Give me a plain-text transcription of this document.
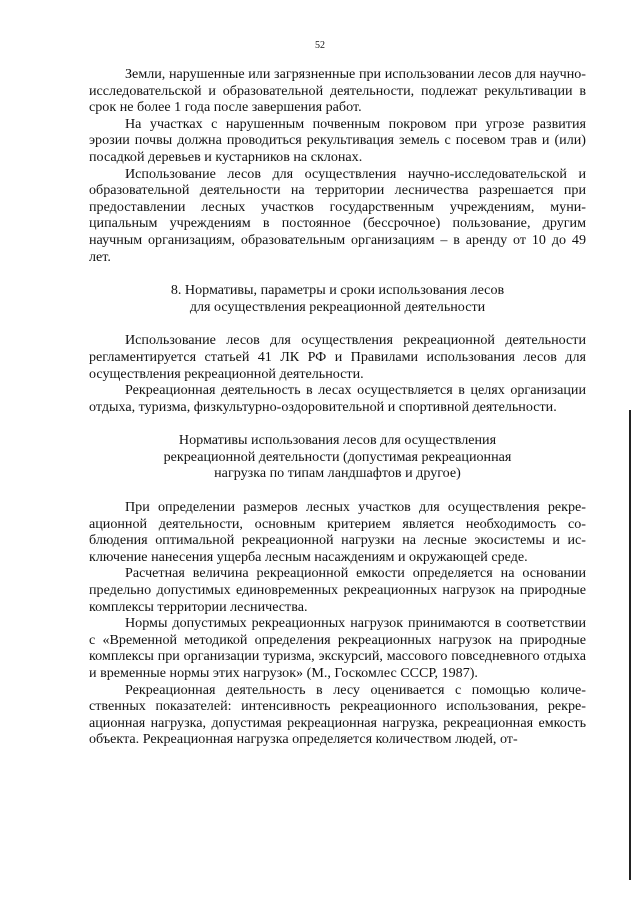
52

Земли, нарушенные или загрязненные при использовании лесов для научно-исследовательской и образовательной деятельности, подлежат рекультивации в срок не более 1 года после завершения работ.

На участках с нарушенным почвенным покровом при угрозе развития эрозии почвы должна проводиться рекультивация земель с посевом трав и (или) посадкой деревьев и кустарников на склонах.

Использование лесов для осуществления научно-исследовательской и образовательной деятельности на территории лесничества разрешается при предоставлении лесных участков государственным учреждениям, муниципальным учреждениям в постоянное (бессрочное) пользование, другим научным организациям, образовательным организациям – в аренду от 10 до 49 лет.

8. Нормативы, параметры и сроки использования лесов

для осуществления рекреационной деятельности

Использование лесов для осуществления рекреационной деятельности регламентируется статьей 41 ЛК РФ и Правилами использования лесов для осуществления рекреационной деятельности.

Рекреационная деятельность в лесах осуществляется в целях организации отдыха, туризма, физкультурно-оздоровительной и спортивной деятельности.

Нормативы использования лесов для осуществления

рекреационной деятельности (допустимая рекреационная

нагрузка по типам ландшафтов и другое)

При определении размеров лесных участков для осуществления рекреационной деятельности, основным критерием является необходимость соблюдения оптимальной рекреационной нагрузки на лесные экосистемы и исключение нанесения ущерба лесным насаждениям и окружающей среде.

Расчетная величина рекреационной емкости определяется на основании предельно допустимых единовременных рекреационных нагрузок на природные комплексы территории лесничества.

Нормы допустимых рекреационных нагрузок принимаются в соответствии с «Временной методикой определения рекреационных нагрузок на природные комплексы при организации туризма, экскурсий, массового повседневного отдыха и временные нормы этих нагрузок» (М., Госкомлес СССР, 1987).

Рекреационная деятельность в лесу оценивается с помощью количественных показателей: интенсивность рекреационного использования, рекреационная нагрузка, допустимая рекреационная нагрузка, рекреационная емкость объекта. Рекреационная нагрузка определяется количеством людей, от-
